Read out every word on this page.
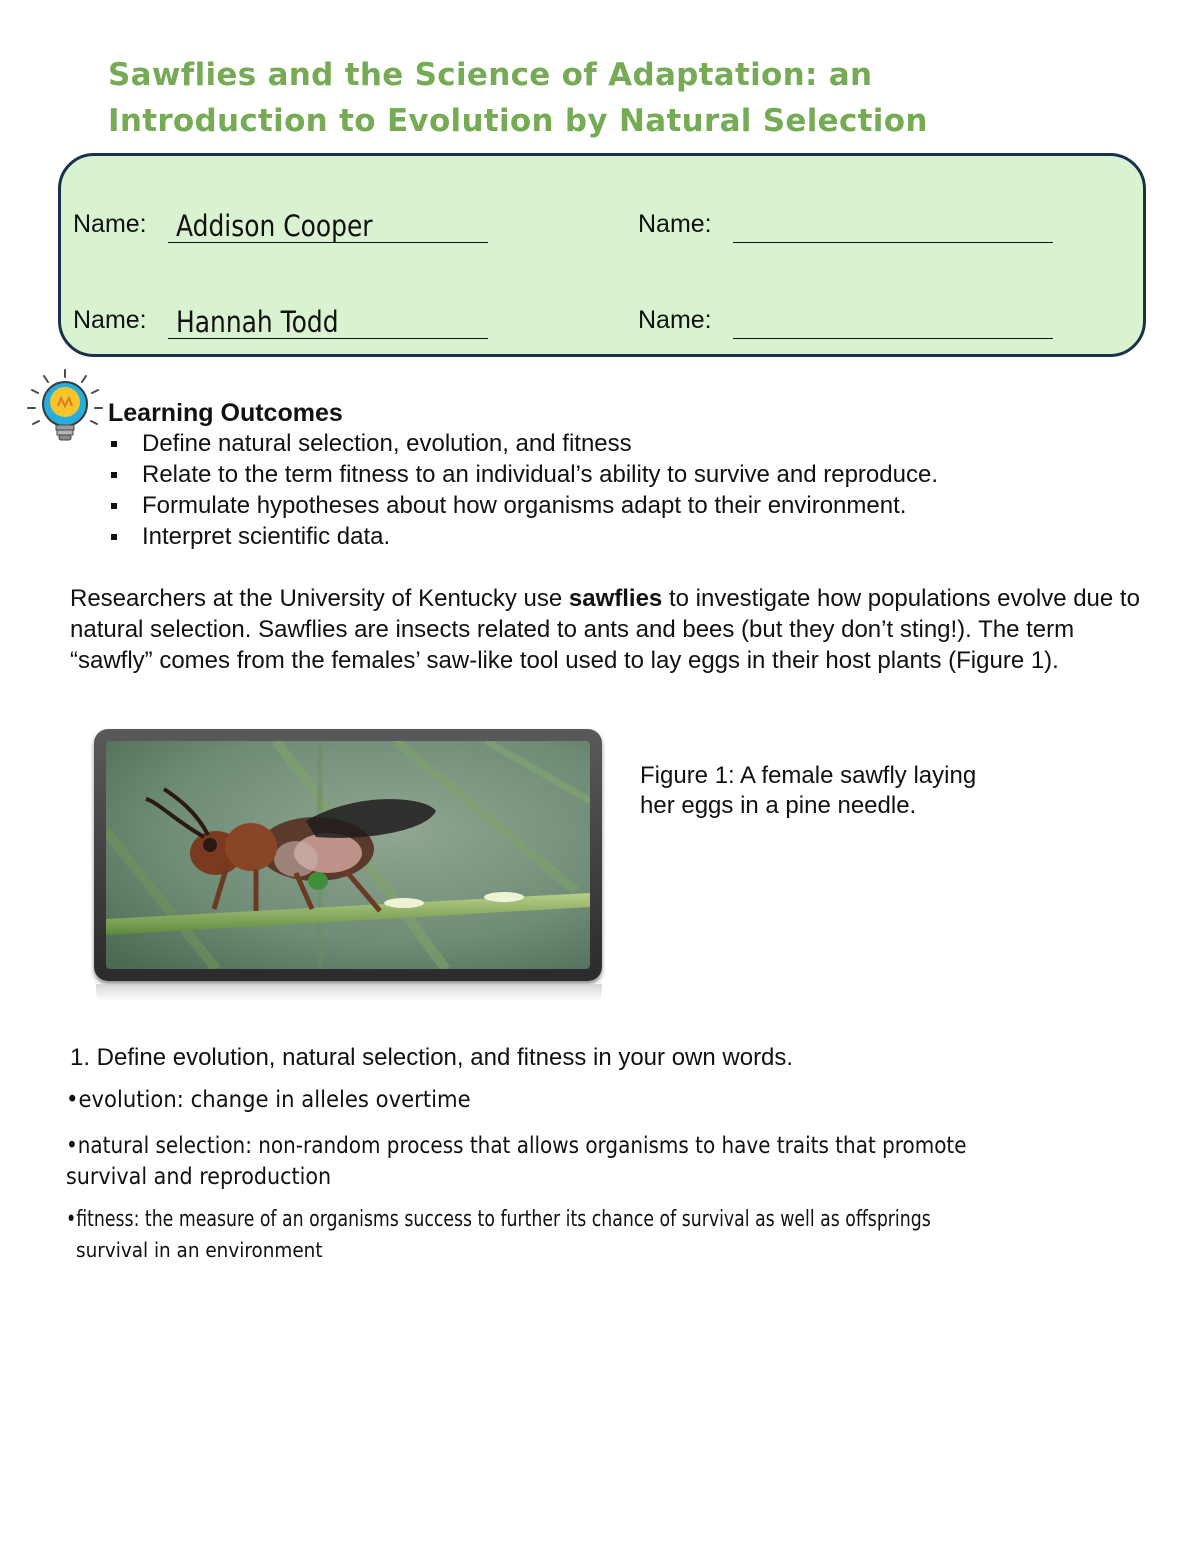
Sawflies and the Science of Adaptation: an
Introduction to Evolution by Natural Selection
Name: Addison Cooper	Name:
Name: Hannah Todd	Name:
Learning Outcomes
Define natural selection, evolution, and fitness
Relate to the term fitness to an individual’s ability to survive and reproduce.
Formulate hypotheses about how organisms adapt to their environment.
Interpret scientific data.

Researchers at the University of Kentucky use sawflies to investigate how populations evolve due to natural selection. Sawflies are insects related to ants and bees (but they don’t sting!). The term “sawfly” comes from the females’ saw-like tool used to lay eggs in their host plants (Figure 1).

Figure 1: A female sawfly laying
her eggs in a pine needle.
1. Define evolution, natural selection, and fitness in your own words.
•evolution: change in alleles overtime
•natural selection: non-random process that allows organisms to have traits that promote
survival and reproduction
•fitness: the measure of an organisms success to further its chance of survival as well as offsprings
survival in an environment
